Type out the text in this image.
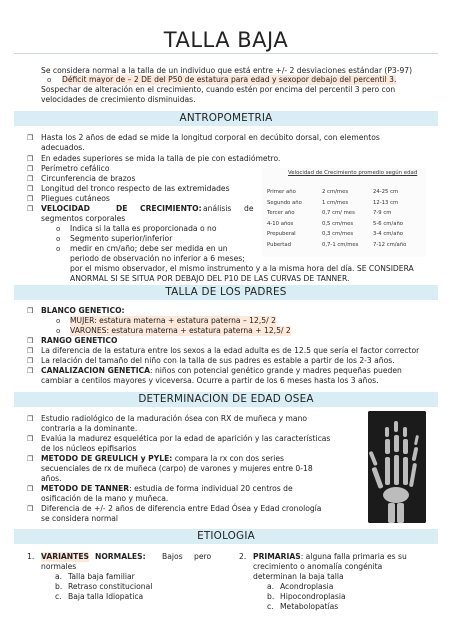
TALLA BAJA
Se considera normal a la talla de un individuo que está entre +/- 2 desviaciones estándar (P3-97)
o Déficit mayor de – 2 DE del P50 de estatura para edad y sexopor debajo del percentil 3.
Sospechar de alteración en el crecimiento, cuando estén por encima del percentil 3 pero con
velocidades de crecimiento disminuidas.
ANTROPOMETRIA
❒ Hasta los 2 años de edad se mide la longitud corporal en decúbito dorsal, con elementos
adecuados.
❒ En edades superiores se mida la talla de pie con estadiómetro.
❒ Perímetro cefálico
❒ Circunferencia de brazos
❒ Longitud del tronco respecto de las extremidades
❒ Pliegues cutáneos
❒ VELOCIDAD	DE CRECIMIENTO: análisis de
segmentos corporales
o Indica si la talla es proporcionada o no
o Segmento superior/inferior
o medir en cm/año; debe ser medida en un
periodo de observación no inferior a 6 meses;
por el mismo observador, el mismo instrumento y a la misma hora del día. SE CONSIDERA
ANORMAL SI SE SITUA POR DEBAJO DEL P10 DE LAS CURVAS DE TANNER.
Velocidad de Crecimiento promedio según edad
Primer año	2 cm/mes	24-25 cm
Segundo año	1 cm/mes	12-13 cm
Tercer año	0,7 cm/ mes	7-9 cm
4-10 años	0,5 cm/mes	5-6 cm/año
Prepuberal	0,3 cm/mes	3-4 cm/año
Pubertad	0,7-1 cm/mes	7-12 cm/año
TALLA DE LOS PADRES
❒ BLANCO GENETICO:
o MUJER: estatura materna + estatura paterna – 12,5/ 2
o VARONES: estatura materna + estatura paterna + 12,5/ 2
❒ RANGO GENETICO
❒ La diferencia de la estatura entre los sexos a la edad adulta es de 12.5 que sería el factor corrector
❒ La relación del tamaño del niño con la talla de sus padres es estable a partir de los 2-3 años.
❒ CANALIZACION GENETICA: niños con potencial genético grande y madres pequeñas pueden
cambiar a centilos mayores y viceversa. Ocurre a partir de los 6 meses hasta los 3 años.
DETERMINACION DE EDAD OSEA
❒ Estudio radiológico de la maduración ósea con RX de muñeca y mano
contraria a la dominante.
❒ Evalúa la madurez esquelética por la edad de aparición y las características
de los núcleos epifisarios
❒ METODO DE GREULICH y PYLE: compara la rx con dos series
secuenciales de rx de muñeca (carpo) de varones y mujeres entre 0-18
años.
❒ METODO DE TANNER: estudia de forma individual 20 centros de
osificación de la mano y muñeca.
❒ Diferencia de +/- 2 años de diferencia entre Edad Ósea y Edad cronología
se considera normal
ETIOLOGIA
1. VARIANTES NORMALES: Bajos pero
normales
a. Talla baja familiar
b. Retraso constitucional
c. Baja talla Idiopatica
2. PRIMARIAS: alguna falla primaria es su
crecimiento o anomalía congénita
determinan la baja talla
a. Acondroplasia
b. Hipocondroplasia
c. Metabolopatías
